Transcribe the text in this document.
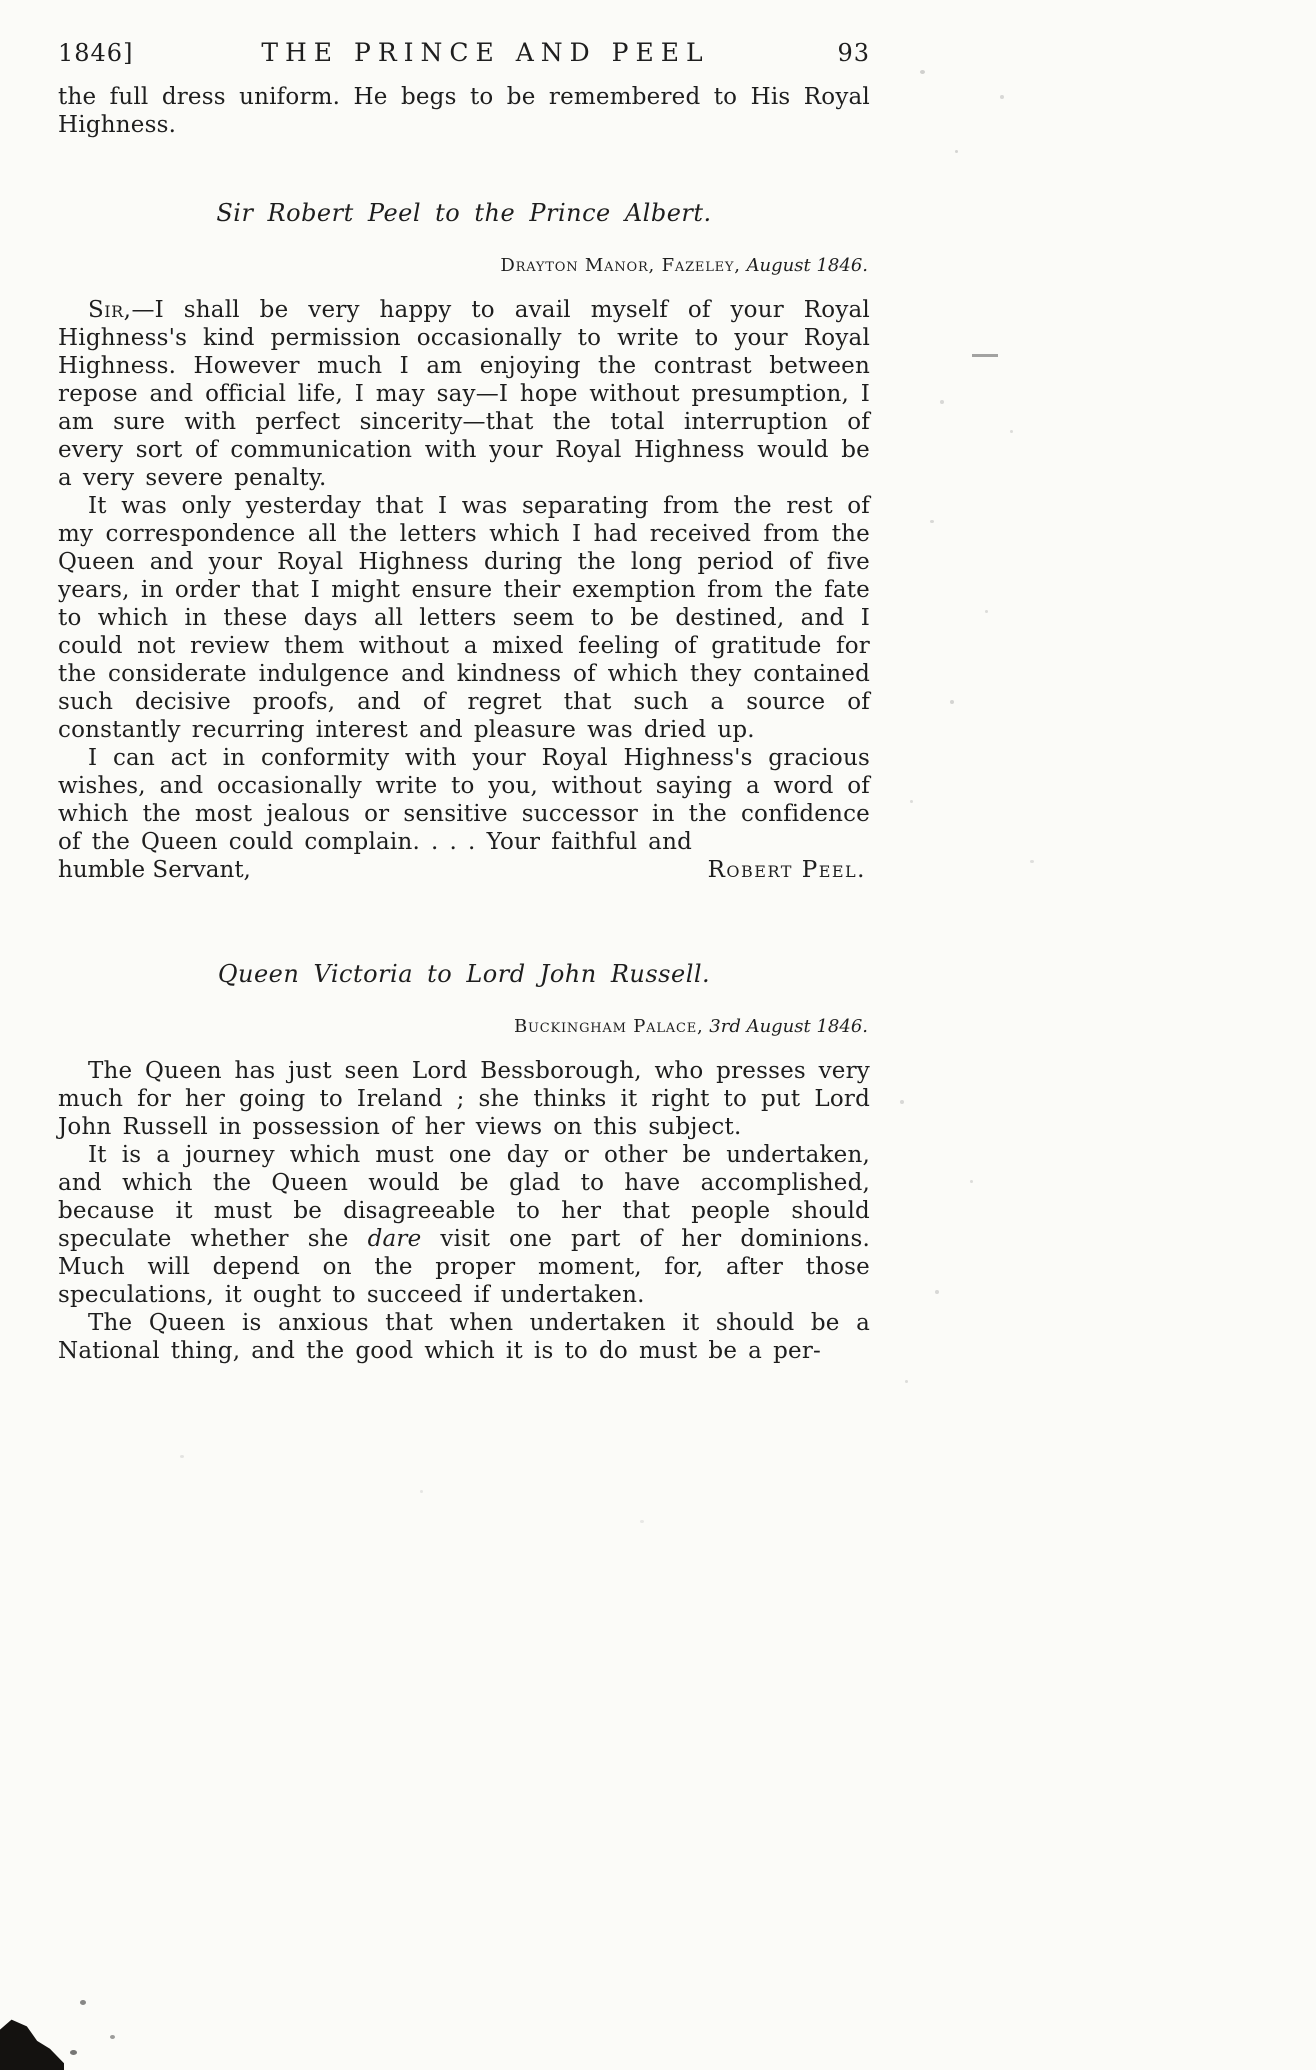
1846]	THE PRINCE AND PEEL	93

the full dress uniform. He begs to be remembered to His Royal Highness.

Sir Robert Peel to the Prince Albert.
Drayton Manor, Fazeley, August 1846.

Sir,—I shall be very happy to avail myself of your Royal Highness's kind permission occasionally to write to your Royal Highness. However much I am enjoying the contrast between repose and official life, I may say—I hope without presumption, I am sure with perfect sincerity—that the total interruption of every sort of communication with your Royal Highness would be a very severe penalty.

It was only yesterday that I was separating from the rest of my correspondence all the letters which I had received from the Queen and your Royal Highness during the long period of five years, in order that I might ensure their exemption from the fate to which in these days all letters seem to be destined, and I could not review them without a mixed feeling of gratitude for the considerate indulgence and kindness of which they contained such decisive proofs, and of regret that such a source of constantly recurring interest and pleasure was dried up.

I can act in conformity with your Royal Highness's gracious wishes, and occasionally write to you, without saying a word of which the most jealous or sensitive successor in the confidence of the Queen could complain. . . . Your faithful and

humble Servant,	Robert Peel.
Queen Victoria to Lord John Russell.
Buckingham Palace, 3rd August 1846.

The Queen has just seen Lord Bessborough, who presses very much for her going to Ireland ; she thinks it right to put Lord John Russell in possession of her views on this subject.

It is a journey which must one day or other be undertaken, and which the Queen would be glad to have accomplished, because it must be disagreeable to her that people should speculate whether she dare visit one part of her dominions. Much will depend on the proper moment, for, after those speculations, it ought to succeed if undertaken.

The Queen is anxious that when undertaken it should be a National thing, and the good which it is to do must be a per-
